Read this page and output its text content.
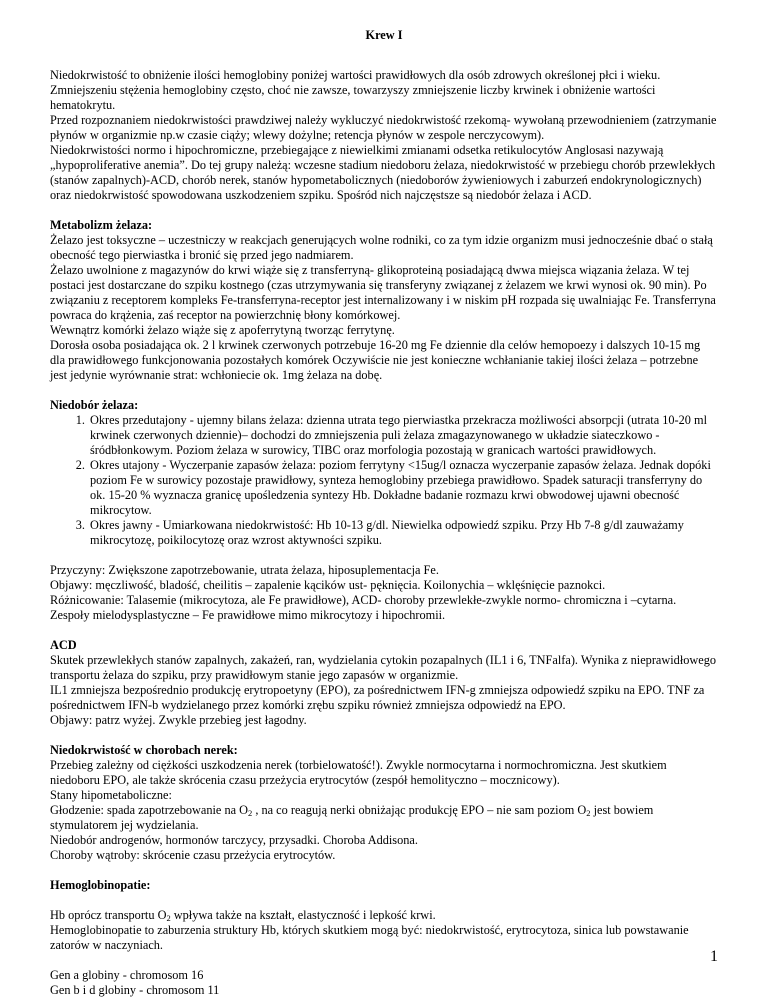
Krew I

Niedokrwistość to obniżenie ilości hemoglobiny poniżej wartości prawidłowych dla osób zdrowych określonej płci i wieku. Zmniejszeniu stężenia hemoglobiny często, choć nie zawsze, towarzyszy zmniejszenie liczby krwinek i obniżenie wartości hematokrytu.

Przed rozpoznaniem niedokrwistości prawdziwej należy wykluczyć niedokrwistość rzekomą- wywołaną przewodnieniem (zatrzymanie płynów w organizmie np.w czasie ciąży; wlewy dożylne; retencja płynów w zespole nerczycowym).

Niedokrwistości normo i hipochromiczne, przebiegające z niewielkimi zmianami odsetka retikulocytów Anglosasi nazywają „hypoproliferative anemia”. Do tej grupy należą: wczesne stadium niedoboru żelaza, niedokrwistość w przebiegu chorób przewlekłych (stanów zapalnych)-ACD, chorób nerek, stanów hypometabolicznych (niedoborów żywieniowych i zaburzeń endokrynologicznych) oraz niedokrwistość spowodowana uszkodzeniem szpiku. Spośród nich najczęstsze są niedobór żelaza i ACD.

Metabolizm żelaza:

Żelazo jest toksyczne – uczestniczy w reakcjach generujących wolne rodniki, co za tym idzie organizm musi jednocześnie dbać o stałą obecność tego pierwiastka i bronić się przed jego nadmiarem.

Żelazo uwolnione z magazynów do krwi wiąże się z transferryną- glikoproteiną posiadającą dwwa miejsca wiązania żelaza. W tej postaci jest dostarczane do szpiku kostnego (czas utrzymywania się transferyny związanej z żelazem we krwi wynosi ok. 90 min). Po związaniu z receptorem kompleks Fe-transferryna-receptor jest internalizowany i w niskim pH rozpada się uwalniając Fe. Transferryna powraca do krążenia, zaś receptor na powierzchnię błony komórkowej.

Wewnątrz komórki żelazo wiąże się z apoferrytyną tworząc ferrytynę.

Dorosła osoba posiadająca ok. 2 l krwinek czerwonych potrzebuje 16-20 mg Fe dziennie dla celów hemopoezy i dalszych 10-15 mg dla prawidłowego funkcjonowania pozostałych komórek Oczywiście nie jest konieczne wchłanianie takiej ilości żelaza – potrzebne jest jedynie wyrównanie strat: wchłoniecie ok. 1mg żelaza na dobę.

Niedobór żelaza:

1. Okres przedutajony - ujemny bilans żelaza: dzienna utrata tego pierwiastka przekracza możliwości absorpcji (utrata 10-20 ml krwinek czerwonych dziennie)– dochodzi do zmniejszenia puli żelaza zmagazynowanego w układzie siateczkowo - śródbłonkowym. Poziom żelaza w surowicy, TIBC oraz morfologia pozostają w granicach wartości prawidłowych.
2. Okres utajony - Wyczerpanie zapasów żelaza: poziom ferrytyny <15ug/l oznacza wyczerpanie zapasów żelaza. Jednak dopóki poziom Fe w surowicy pozostaje prawidłowy, synteza hemoglobiny przebiega prawidłowo. Spadek saturacji transferryny do ok. 15-20 % wyznacza granicę upośledzenia syntezy Hb. Dokładne badanie rozmazu krwi obwodowej ujawni obecność mikrocytow.
3. Okres jawny - Umiarkowana niedokrwistość: Hb 10-13 g/dl. Niewielka odpowiedź szpiku. Przy Hb 7-8 g/dl zauważamy mikrocytozę, poikilocytozę oraz wzrost aktywności szpiku.

Przyczyny: Zwiększone zapotrzebowanie, utrata żelaza, hiposuplementacja Fe.

Objawy: męczliwość, bladość, cheilitis – zapalenie kącików ust- pęknięcia. Koilonychia – wklęśnięcie paznokci.

Różnicowanie: Talasemie (mikrocytoza, ale Fe prawidłowe), ACD- choroby przewlekłe-zwykle normo- chromiczna i –cytarna.

Zespoły mielodysplastyczne – Fe prawidłowe mimo mikrocytozy i hipochromii.

ACD

Skutek przewlekłych stanów zapalnych, zakażeń, ran, wydzielania cytokin pozapalnych (IL1 i 6, TNFalfa). Wynika z nieprawidłowego transportu żelaza do szpiku, przy prawidłowym stanie jego zapasów w organizmie.

IL1 zmniejsza bezpośrednio produkcję erytropoetyny (EPO), za pośrednictwem IFN-g zmniejsza odpowiedź szpiku na EPO. TNF za pośrednictwem IFN-b wydzielanego przez komórki zrębu szpiku również zmniejsza odpowiedź na EPO.

Objawy: patrz wyżej. Zwykle przebieg jest łagodny.

Niedokrwistość w chorobach nerek:

Przebieg zależny od ciężkości uszkodzenia nerek (torbielowatość!). Zwykle normocytarna i normochromiczna. Jest skutkiem niedoboru EPO, ale także skrócenia czasu przeżycia erytrocytów (zespół hemolityczno – mocznicowy).

Stany hipometaboliczne:

Głodzenie: spada zapotrzebowanie na $O_2$ , na co reagują nerki obniżając produkcję EPO – nie sam poziom $O_2$ jest bowiem stymulatorem jej wydzielania.

Niedobór androgenów, hormonów tarczycy, przysadki. Choroba Addisona.

Choroby wątroby: skrócenie czasu przeżycia erytrocytów.

Hemoglobinopatie:

Hb oprócz transportu $O_2$ wpływa także na kształt, elastyczność i lepkość krwi.

Hemoglobinopatie to zaburzenia struktury Hb, których skutkiem mogą być: niedokrwistość, erytrocytoza, sinica lub powstawanie zatorów w naczyniach.

Gen a globiny - chromosom 16

Gen b i d globiny - chromosom 11

1
